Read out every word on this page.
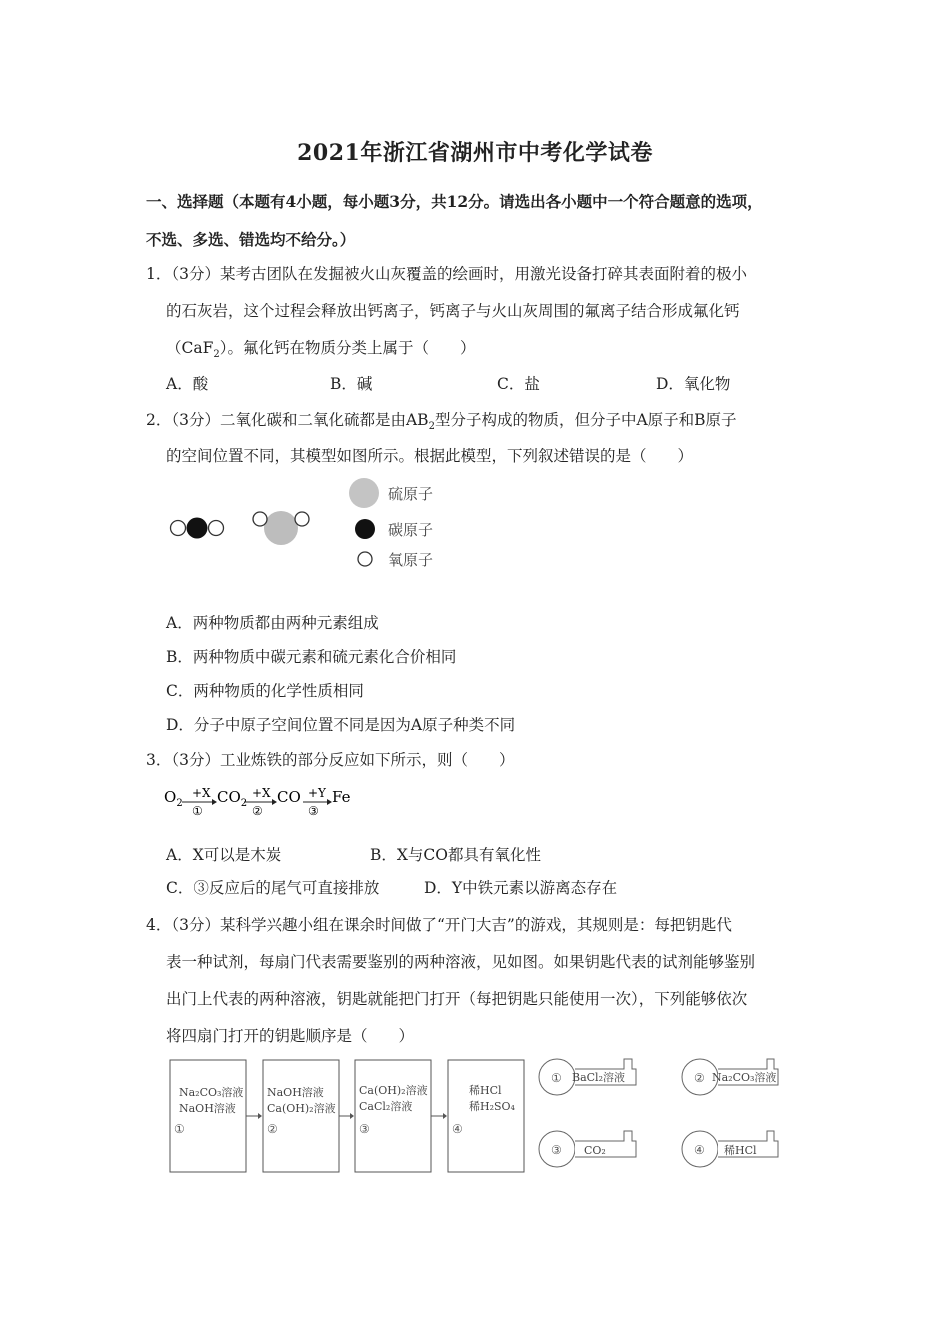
2021年浙江省湖州市中考化学试卷
一、选择题（本题有4小题，每小题3分，共12分。请选出各小题中一个符合题意的选项，
不选、多选、错选均不给分。）
1．（3分）某考古团队在发掘被火山灰覆盖的绘画时，用激光设备打碎其表面附着的极小
的石灰岩，这个过程会释放出钙离子，钙离子与火山灰周围的氟离子结合形成氟化钙
（CaF$_2$）。氟化钙在物质分类上属于（　　）
A．酸	B．碱	C．盐	D．氧化物
2．（3分）二氧化碳和二氧化硫都是由$AB_2$型分子构成的物质，但分子中A原子和B原子
的空间位置不同，其模型如图所示。根据此模型，下列叙述错误的是（　　）
硫原子
碳原子
氧原子
A．两种物质都由两种元素组成
B．两种物质中碳元素和硫元素化合价相同
C．两种物质的化学性质相同
D．分子中原子空间位置不同是因为A原子种类不同
3．（3分）工业炼铁的部分反应如下所示，则（　　）
$O_2$
+X
①
$CO_2$
+X
②
CO +Y
③
Fe
A．X可以是木炭	B．X与CO都具有氧化性
C．③反应后的尾气可直接排放	D．Y中铁元素以游离态存在
4．（3分）某科学兴趣小组在课余时间做了“开门大吉”的游戏，其规则是：每把钥匙代
表一种试剂，每扇门代表需要鉴别的两种溶液，见如图。如果钥匙代表的试剂能够鉴别
出门上代表的两种溶液，钥匙就能把门打开（每把钥匙只能使用一次），下列能够依次
将四扇门打开的钥匙顺序是（　　）
Na₂CO₃溶液
NaOH溶液
①
NaOH溶液
Ca(OH)₂溶液
②
Ca(OH)₂溶液
CaCl₂溶液
③
稀HCl
稀H₂SO₄
④
① BaCl₂溶液	② Na₂CO₃溶液
③ CO₂	④ 稀HCl
